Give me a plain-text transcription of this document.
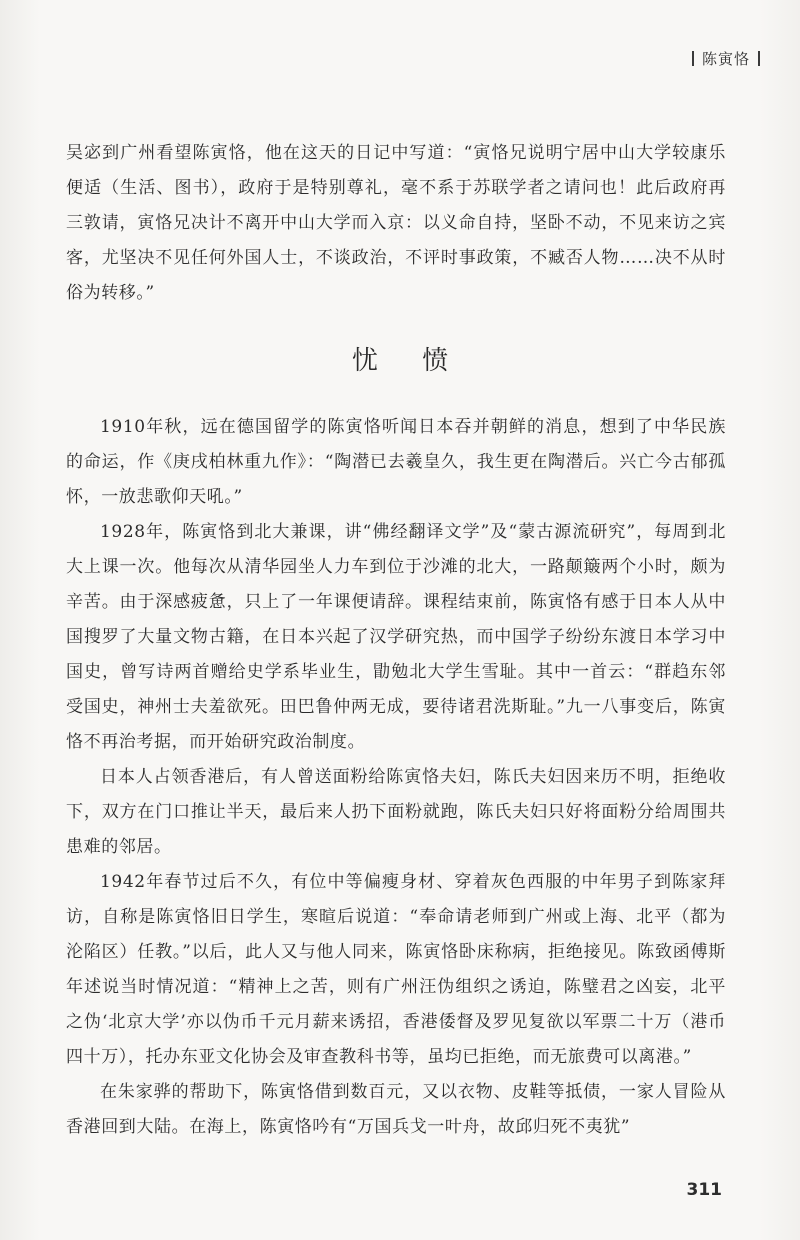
陈寅恪

吴宓到广州看望陈寅恪，他在这天的日记中写道：“寅恪兄说明宁居中山大学较康乐便适（生活、图书），政府于是特别尊礼，毫不系于苏联学者之请问也！此后政府再三敦请，寅恪兄决计不离开中山大学而入京：以义命自持，坚卧不动，不见来访之宾客，尤坚决不见任何外国人士，不谈政治，不评时事政策，不臧否人物……决不从时俗为转移。”

忧 愤

1910年秋，远在德国留学的陈寅恪听闻日本吞并朝鲜的消息，想到了中华民族的命运，作《庚戌柏林重九作》：“陶潜已去羲皇久，我生更在陶潜后。兴亡今古郁孤怀，一放悲歌仰天吼。”

1928年，陈寅恪到北大兼课，讲“佛经翻译文学”及“蒙古源流研究”，每周到北大上课一次。他每次从清华园坐人力车到位于沙滩的北大，一路颠簸两个小时，颇为辛苦。由于深感疲惫，只上了一年课便请辞。课程结束前，陈寅恪有感于日本人从中国搜罗了大量文物古籍，在日本兴起了汉学研究热，而中国学子纷纷东渡日本学习中国史，曾写诗两首赠给史学系毕业生，勖勉北大学生雪耻。其中一首云：“群趋东邻受国史，神州士夫羞欲死。田巴鲁仲两无成，要待诸君洗斯耻。”九一八事变后，陈寅恪不再治考据，而开始研究政治制度。

日本人占领香港后，有人曾送面粉给陈寅恪夫妇，陈氏夫妇因来历不明，拒绝收下，双方在门口推让半天，最后来人扔下面粉就跑，陈氏夫妇只好将面粉分给周围共患难的邻居。

1942年春节过后不久，有位中等偏瘦身材、穿着灰色西服的中年男子到陈家拜访，自称是陈寅恪旧日学生，寒暄后说道：“奉命请老师到广州或上海、北平（都为沦陷区）任教。”以后，此人又与他人同来，陈寅恪卧床称病，拒绝接见。陈致函傅斯年述说当时情况道：“精神上之苦，则有广州汪伪组织之诱迫，陈璧君之凶妄，北平之伪‘北京大学’亦以伪币千元月薪来诱招，香港倭督及罗见复欲以军票二十万（港币四十万），托办东亚文化协会及审查教科书等，虽均已拒绝，而无旅费可以离港。”

在朱家骅的帮助下，陈寅恪借到数百元，又以衣物、皮鞋等抵债，一家人冒险从香港回到大陆。在海上，陈寅恪吟有“万国兵戈一叶舟，故邱归死不夷犹”

311
